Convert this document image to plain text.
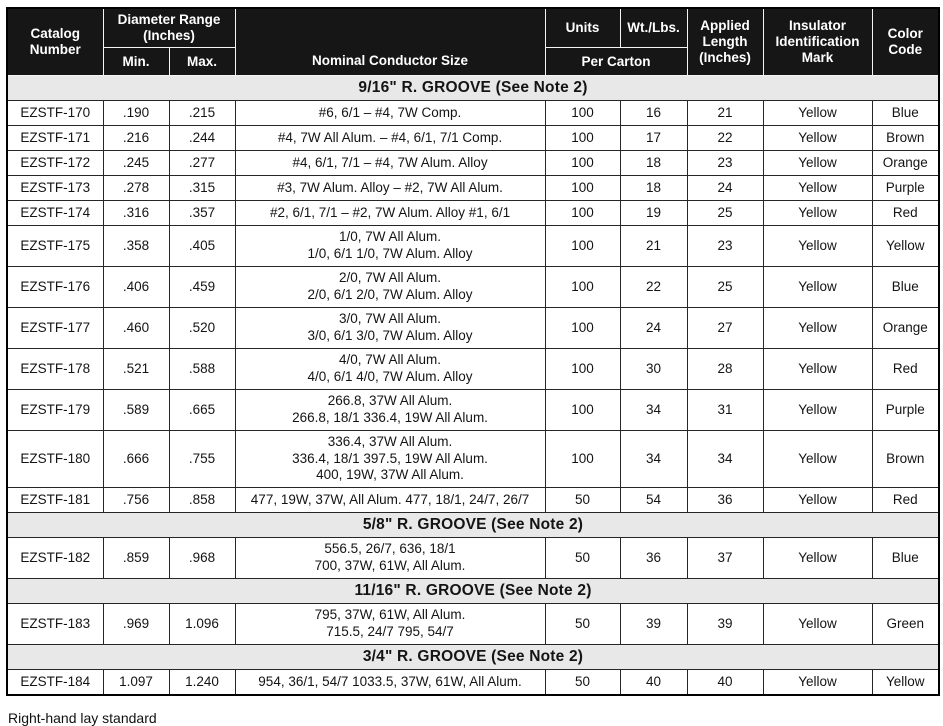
Catalog Number	Diameter Range (Inches)		Nominal Conductor Size	Units	Wt./Lbs.	Applied Length (Inches)	Insulator Identification Mark	Color Code
	Min.	Max.		Per Carton				
9/16" R. GROOVE (See Note 2)								
EZSTF-170	.190	.215	#6, 6/1 – #4, 7W Comp.	100	16	21	Yellow	Blue
EZSTF-171	.216	.244	#4, 7W All Alum. – #4, 6/1, 7/1 Comp.	100	17	22	Yellow	Brown
EZSTF-172	.245	.277	#4, 6/1, 7/1 – #4, 7W Alum. Alloy	100	18	23	Yellow	Orange
EZSTF-173	.278	.315	#3, 7W Alum. Alloy – #2, 7W All Alum.	100	18	24	Yellow	Purple
EZSTF-174	.316	.357	#2, 6/1, 7/1 – #2, 7W Alum. Alloy #1, 6/1	100	19	25	Yellow	Red
EZSTF-175	.358	.405	1/0, 7W All Alum.
1/0, 6/1 1/0, 7W Alum. Alloy	100	21	23	Yellow	Yellow
EZSTF-176	.406	.459	2/0, 7W All Alum.
2/0, 6/1 2/0, 7W Alum. Alloy	100	22	25	Yellow	Blue
EZSTF-177	.460	.520	3/0, 7W All Alum.
3/0, 6/1 3/0, 7W Alum. Alloy	100	24	27	Yellow	Orange
EZSTF-178	.521	.588	4/0, 7W All Alum.
4/0, 6/1 4/0, 7W Alum. Alloy	100	30	28	Yellow	Red
EZSTF-179	.589	.665	266.8, 37W All Alum.
266.8, 18/1 336.4, 19W All Alum.	100	34	31	Yellow	Purple
EZSTF-180	.666	.755	336.4, 37W All Alum.
336.4, 18/1 397.5, 19W All Alum.
400, 19W, 37W All Alum.	100	34	34	Yellow	Brown
EZSTF-181	.756	.858	477, 19W, 37W, All Alum. 477, 18/1, 24/7, 26/7	50	54	36	Yellow	Red
5/8" R. GROOVE (See Note 2)								
EZSTF-182	.859	.968	556.5, 26/7, 636, 18/1
700, 37W, 61W, All Alum.	50	36	37	Yellow	Blue
11/16" R. GROOVE (See Note 2)								
EZSTF-183	.969	1.096	795, 37W, 61W, All Alum.
715.5, 24/7 795, 54/7	50	39	39	Yellow	Green
3/4" R. GROOVE (See Note 2)								
EZSTF-184	1.097	1.240	954, 36/1, 54/7 1033.5, 37W, 61W, All Alum.	50	40	40	Yellow	Yellow
Right-hand lay standard
